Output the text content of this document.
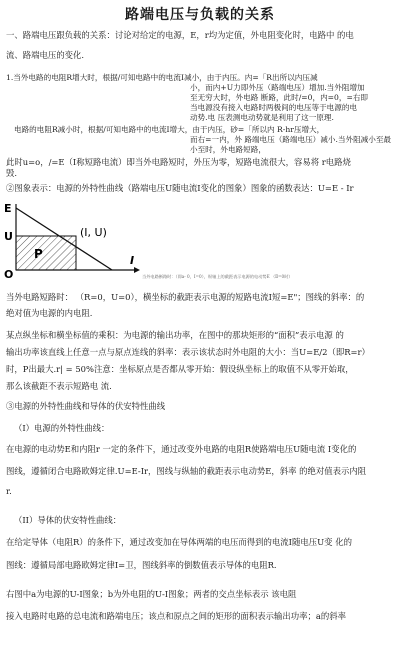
路端电压与负载的关系
一、路端电压跟负载的关系：讨论对给定的电源，E，r均为定值，外电阻变化时，电路中 的电
流、路端电压的变化.
1.当外电路的电阻R增大时，根据/可知电路中的电流I减小，由于内压。内=「R出所以内压减
小，而内+U力即外压（路端电压）增加.当外阻增加
至无穷大时，外电路 断路，此时/=0，内=0，=右即
当电源没有接入电路时两极间的电压等于电源的电
动势.电 压表测电动势就是利用了这一原理.
电路的电阻R减小时，根据/可知电路中的电流I增大，由于内压，砂=「所以内 R-hr压增大，
而右=一内，外 路端电压（路端电压）减小.当外阻减小至最
小至时，外电路短路，
此时u=o，/=E（I称短路电流）即当外电路短时，外压为零，短路电流很大，容易将 r电路烧
毁.
②图象表示：电源的外特性曲线（路端电压U随电流I变化的图象）图象的函数表达：U=E - Ir
E
U
O
P
(I, U)
I
当外电路断路时：（即a- 0，I=0），纵轴上的截距表示电源的电动势E （Ⅱ=0时）
当外电路短路时： （R=0，U=0），横坐标的截距表示电源的短路电流I短=E"；图线的斜率：的
绝对值为电源的内电阻.
某点纵坐标和横坐标值的乘积：为电源的输出功率，在图中的那块矩形的“面积”表示电源 的
输出功率该直线上任意一点与原点连线的斜率：表示该状态时外电阻的大小：当U=E/2（即R=r）
时，P出最大.r| = 50%注意：坐标原点是否都从零开始：假设纵坐标上的取值不从零开始取，
那么该截距不表示短路电 流.
③电源的外特性曲线和导体的伏安特性曲线
（I）电源的外特性曲线：
在电源的电动势E和内阻r 一定的条件下，通过改变外电路的电阻R使路端电压U随电流 I变化的
图线，遵循闭合电路欧姆定律.U=E-Ir，图线与纵轴的截距表示电动势E，斜率 的绝对值表示内阻
r.
（II）导体的伏安特性曲线：
在给定导体（电阻R）的条件下，通过改变加在导体两端的电压而得到的电流I随电压U变 化的
图线：遵循局部电路欧姆定律I=卫，图线斜率的倒数值表示导体的电阻R.
右图中a为电源的U-I图象；b为外电阻的U-I图象；两者的交点坐标表示 该电阻
接入电路时电路的总电流和路端电压；该点和原点之间的矩形的面积表示输出功率；a的斜率
